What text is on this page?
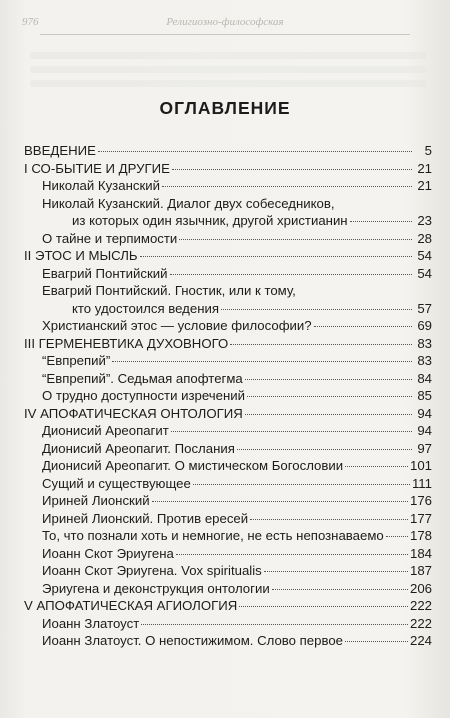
976	Религиозно-философская
ОГЛАВЛЕНИЕ
ВВЕДЕНИЕ	5
I СО-БЫТИЕ И ДРУГИЕ	21
Николай Кузанский	21
Николай Кузанский. Диалог двух собеседников,
из которых один язычник, другой христианин	23
О тайне и терпимости	28
II ЭТОС И МЫСЛЬ	54
Евагрий Понтийский	54
Евагрий Понтийский. Гностик, или к тому,
кто удостоился ведения	57
Христианский этос — условие философии?	69
III ГЕРМЕНЕВТИКА ДУХОВНОГО	83
“Евпрепий”	83
“Евпрепий”. Седьмая апофтегма	84
О трудно доступности изречений	85
IV АПОФАТИЧЕСКАЯ ОНТОЛОГИЯ	94
Дионисий Ареопагит	94
Дионисий Ареопагит. Послания	97
Дионисий Ареопагит. О мистическом Богословии	101
Сущий и существующее	111
Ириней Лионский	176
Ириней Лионский. Против ересей	177
То, что познали хоть и немногие, не есть непознаваемо 178
Иоанн Скот Эриугена	184
Иоанн Скот Эриугена. Vox spiritualis	187
Эриугена и деконструкция онтологии	206
V АПОФАТИЧЕСКАЯ АГИОЛОГИЯ	222
Иоанн Златоуст	222
Иоанн Златоуст. О непостижимом. Слово первое	224
